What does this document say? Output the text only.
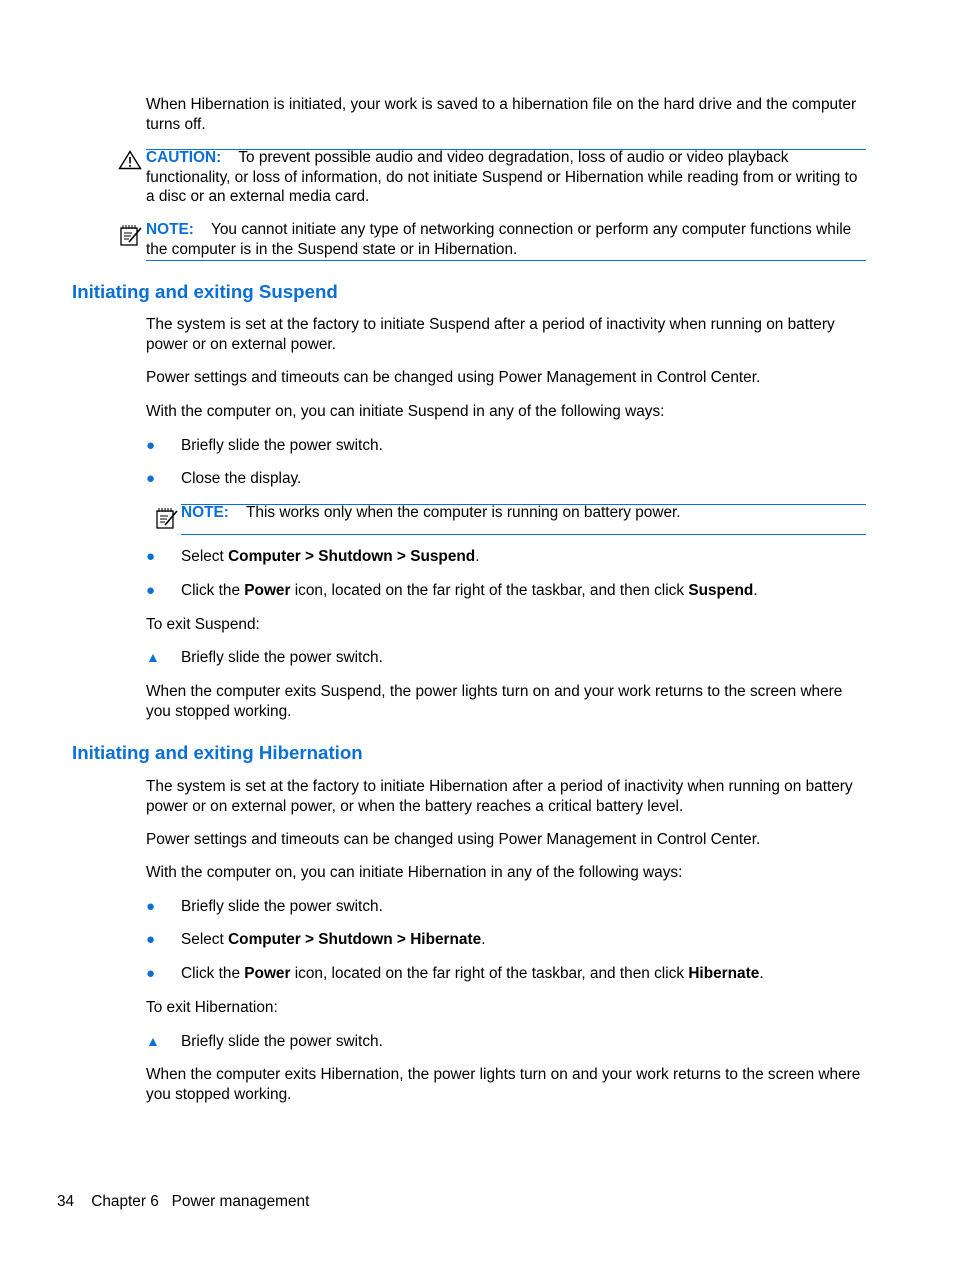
When Hibernation is initiated, your work is saved to a hibernation file on the hard drive and the computer turns off.
CAUTION: To prevent possible audio and video degradation, loss of audio or video playback functionality, or loss of information, do not initiate Suspend or Hibernation while reading from or writing to a disc or an external media card.
NOTE: You cannot initiate any type of networking connection or perform any computer functions while the computer is in the Suspend state or in Hibernation.
Initiating and exiting Suspend
The system is set at the factory to initiate Suspend after a period of inactivity when running on battery power or on external power.
Power settings and timeouts can be changed using Power Management in Control Center.
With the computer on, you can initiate Suspend in any of the following ways:
● Briefly slide the power switch.
● Close the display.
NOTE: This works only when the computer is running on battery power.
● Select Computer > Shutdown > Suspend.
● Click the Power icon, located on the far right of the taskbar, and then click Suspend.
To exit Suspend:
▲ Briefly slide the power switch.
When the computer exits Suspend, the power lights turn on and your work returns to the screen where you stopped working.
Initiating and exiting Hibernation
The system is set at the factory to initiate Hibernation after a period of inactivity when running on battery power or on external power, or when the battery reaches a critical battery level.
Power settings and timeouts can be changed using Power Management in Control Center.
With the computer on, you can initiate Hibernation in any of the following ways:
● Briefly slide the power switch.
● Select Computer > Shutdown > Hibernate.
● Click the Power icon, located on the far right of the taskbar, and then click Hibernate.
To exit Hibernation:
▲ Briefly slide the power switch.
When the computer exits Hibernation, the power lights turn on and your work returns to the screen where you stopped working.
34 Chapter 6 Power management
